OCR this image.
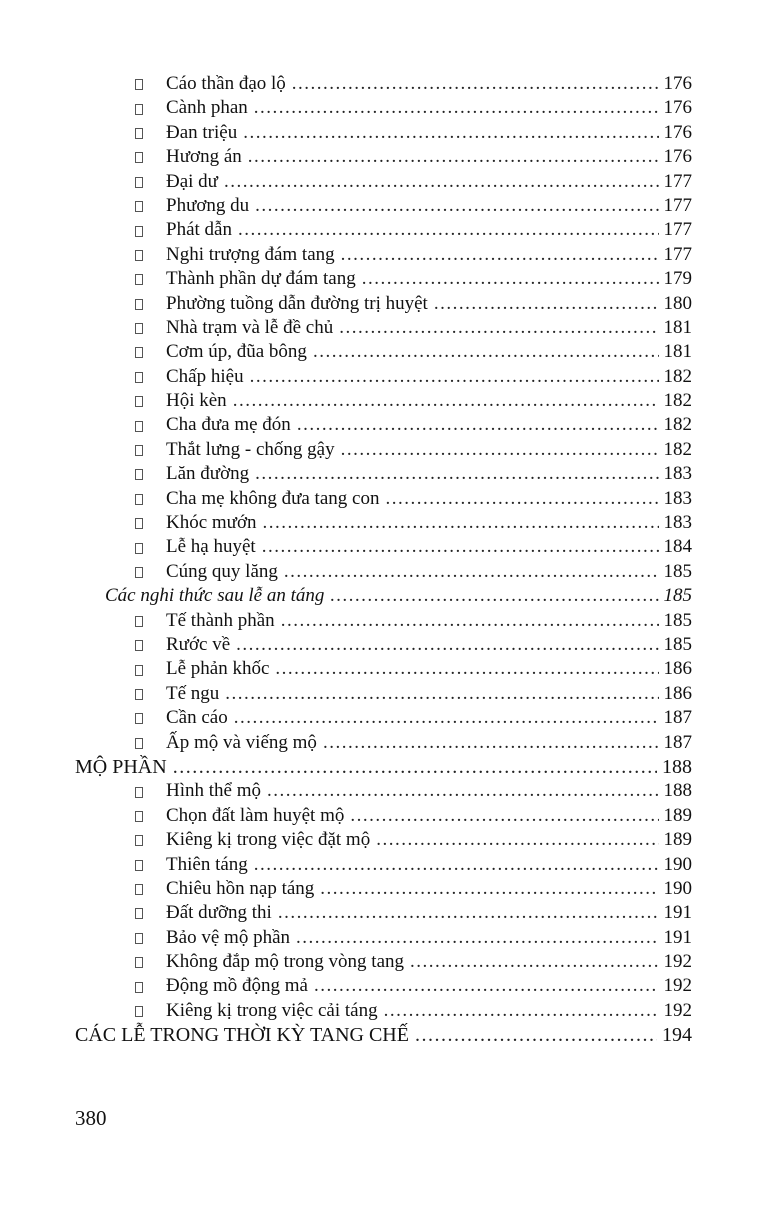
Cáo thần đạo lộ .....	176
Cành phan .....	176
Đan triệu .....	176
Hương án .....	176
Đại dư .....	177
Phương du .....	177
Phát dẫn .....	177
Nghi trượng đám tang .....	177
Thành phần dự đám tang .....	179
Phường tuồng dẫn đường trị huyệt .....	180
Nhà trạm và lễ đề chủ .....	181
Cơm úp, đũa bông .....	181
Chấp hiệu .....	182
Hội kèn .....	182
Cha đưa mẹ đón .....	182
Thắt lưng - chống gậy .....	182
Lăn đường .....	183
Cha mẹ không đưa tang con .....	183
Khóc mướn .....	183
Lễ hạ huyệt .....	184
Cúng quy lăng .....	185
Các nghi thức sau lễ an táng .....	185
Tế thành phần .....	185
Rước về .....	185
Lễ phản khốc .....	186
Tế ngu .....	186
Cần cáo .....	187
Ấp mộ và viếng mộ .....	187
MỘ PHẦN .....	188
Hình thể mộ .....	188
Chọn đất làm huyệt mộ .....	189
Kiêng kị trong việc đặt mộ .....	189
Thiên táng .....	190
Chiêu hồn nạp táng .....	190
Đất dưỡng thi .....	191
Bảo vệ mộ phần .....	191
Không đắp mộ trong vòng tang .....	192
Động mồ động mả .....	192
Kiêng kị trong việc cải táng .....	192
CÁC LỄ TRONG THỜI KỲ TANG CHẾ .....	194
380
